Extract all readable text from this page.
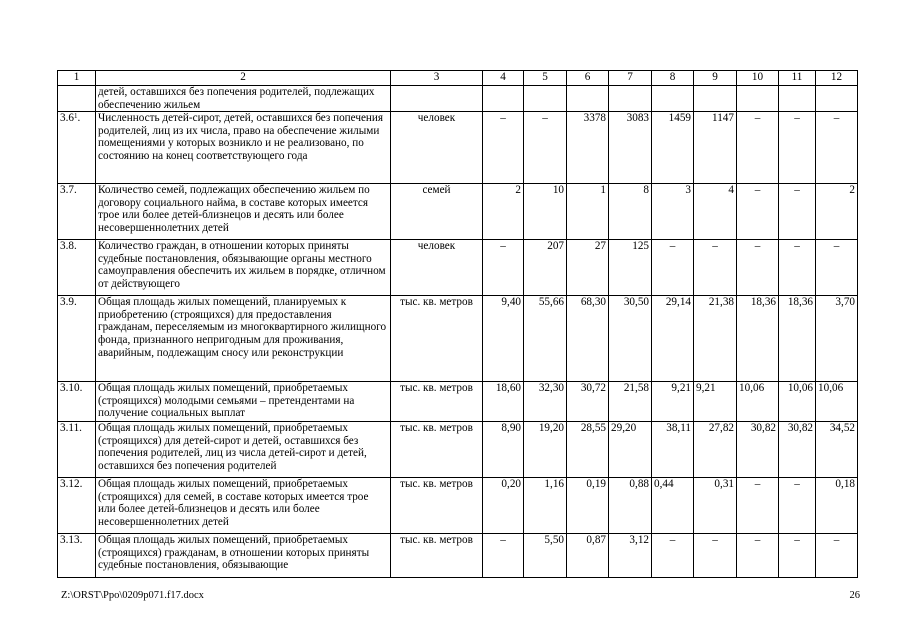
1	2	3	4	5	6	7	8	9	10	11	12
	детей, оставшихся без попечения родителей, подлежащих обеспечению жильем										
$3.6^1$.	Численность детей-сирот, детей, оставшихся без попечения родителей, лиц из их числа, право на обеспечение жилыми помещениями у которых возникло и не реализовано, по состоянию на конец соответствующего года	человек	–	–	3378	3083	1459	1147	–	–	–
3.7.	Количество семей, подлежащих обеспечению жильем по договору социального найма, в составе которых имеется трое или более детей-близнецов и десять или более несовершеннолетних детей	семей	2	10	1	8	3	4	–	–	2
3.8.	Количество граждан, в отношении которых приняты судебные постановления, обязывающие органы местного самоуправления обеспечить их жильем в порядке, отличном от действующего	человек	–	207	27	125	–	–	–	–	–
3.9.	Общая площадь жилых помещений, планируемых к приобретению (строящихся) для предоставления гражданам, переселяемым из многоквартирного жилищного фонда, признанного непригодным для проживания, аварийным, подлежащим сносу или реконструкции	тыс. кв. метров	9,40	55,66	68,30	30,50	29,14	21,38	18,36	18,36	3,70
3.10.	Общая площадь жилых помещений, приобретаемых (строящихся) молодыми семьями – претендентами на получение социальных выплат	тыс. кв. метров	18,60	32,30	30,72	21,58	9,21	9,21	10,06	10,06	10,06
3.11.	Общая площадь жилых помещений, приобретаемых (строящихся) для детей-сирот и детей, оставшихся без попечения родителей, лиц из числа детей-сирот и детей, оставшихся без попечения родителей	тыс. кв. метров	8,90	19,20	28,55	29,20	38,11	27,82	30,82	30,82	34,52
3.12.	Общая площадь жилых помещений, приобретаемых (строящихся) для семей, в составе которых имеется трое или более детей-близнецов и десять или более несовершеннолетних детей	тыс. кв. метров	0,20	1,16	0,19	0,88	0,44	0,31	–	–	0,18
3.13.	Общая площадь жилых помещений, приобретаемых (строящихся) гражданам, в отношении которых приняты судебные постановления, обязывающие	тыс. кв. метров	–	5,50	0,87	3,12	–	–	–	–	–
Z:\ORST\Ppo\0209p071.f17.docx	26
